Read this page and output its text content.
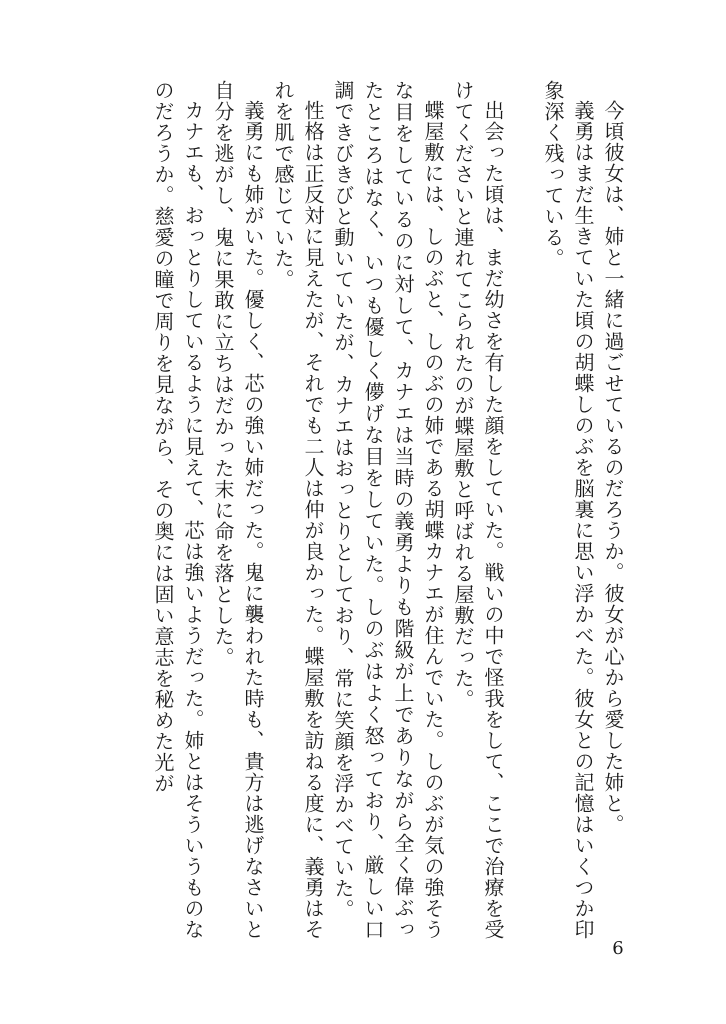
今頃彼女は、姉と一緒に過ごせているのだろうか。彼女が心から愛した姉と。

義勇はまだ生きていた頃の胡蝶しのぶを脳裏に思い浮かべた。彼女との記憶はいくつか印象深く残っている。

出会った頃は、まだ幼さを有した顔をしていた。戦いの中で怪我をして、ここで治療を受けてくださいと連れてこられたのが蝶屋敷と呼ばれる屋敷だった。

蝶屋敷には、しのぶと、しのぶの姉である胡蝶カナエが住んでいた。しのぶが気の強そうな目をしているのに対して、カナエは当時の義勇よりも階級が上でありながら全く偉ぶったところはなく、いつも優しく儚げな目をしていた。しのぶはよく怒っており、厳しい口調できびきびと動いていたが、カナエはおっとりとしており、常に笑顔を浮かべていた。

性格は正反対に見えたが、それでも二人は仲が良かった。蝶屋敷を訪ねる度に、義勇はそれを肌で感じていた。

義勇にも姉がいた。優しく、芯の強い姉だった。鬼に襲われた時も、貴方は逃げなさいと自分を逃がし、鬼に果敢に立ちはだかった末に命を落とした。

カナエも、おっとりしているように見えて、芯は強いようだった。姉とはそういうものなのだろうか。慈愛の瞳で周りを見ながら、その奥には固い意志を秘めた光が

6
